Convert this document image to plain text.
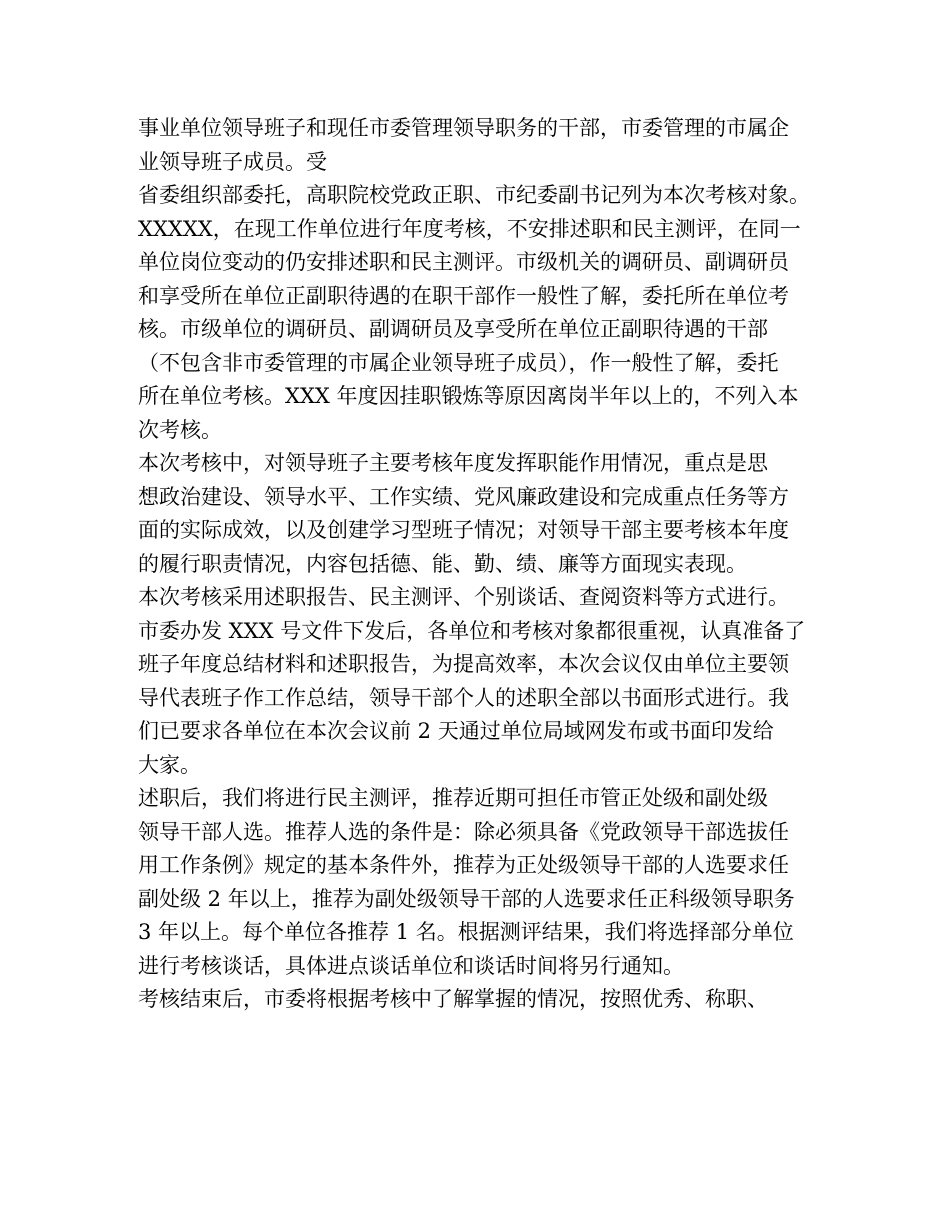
事业单位领导班子和现任市委管理领导职务的干部，市委管理的市属企
业领导班子成员。受
省委组织部委托，高职院校党政正职、市纪委副书记列为本次考核对象。
XXXXX，在现工作单位进行年度考核，不安排述职和民主测评，在同一
单位岗位变动的仍安排述职和民主测评。市级机关的调研员、副调研员
和享受所在单位正副职待遇的在职干部作一般性了解，委托所在单位考
核。市级单位的调研员、副调研员及享受所在单位正副职待遇的干部
（不包含非市委管理的市属企业领导班子成员），作一般性了解，委托
所在单位考核。XXX 年度因挂职锻炼等原因离岗半年以上的，不列入本
次考核。
本次考核中，对领导班子主要考核年度发挥职能作用情况，重点是思
想政治建设、领导水平、工作实绩、党风廉政建设和完成重点任务等方
面的实际成效，以及创建学习型班子情况；对领导干部主要考核本年度
的履行职责情况，内容包括德、能、勤、绩、廉等方面现实表现。
本次考核采用述职报告、民主测评、个别谈话、查阅资料等方式进行。
市委办发 XXX 号文件下发后，各单位和考核对象都很重视，认真准备了
班子年度总结材料和述职报告，为提高效率，本次会议仅由单位主要领
导代表班子作工作总结，领导干部个人的述职全部以书面形式进行。我
们已要求各单位在本次会议前 2 天通过单位局域网发布或书面印发给
大家。
述职后，我们将进行民主测评，推荐近期可担任市管正处级和副处级
领导干部人选。推荐人选的条件是：除必须具备《党政领导干部选拔任
用工作条例》规定的基本条件外，推荐为正处级领导干部的人选要求任
副处级 2 年以上，推荐为副处级领导干部的人选要求任正科级领导职务
3 年以上。每个单位各推荐 1 名。根据测评结果，我们将选择部分单位
进行考核谈话，具体进点谈话单位和谈话时间将另行通知。
考核结束后，市委将根据考核中了解掌握的情况，按照优秀、称职、
